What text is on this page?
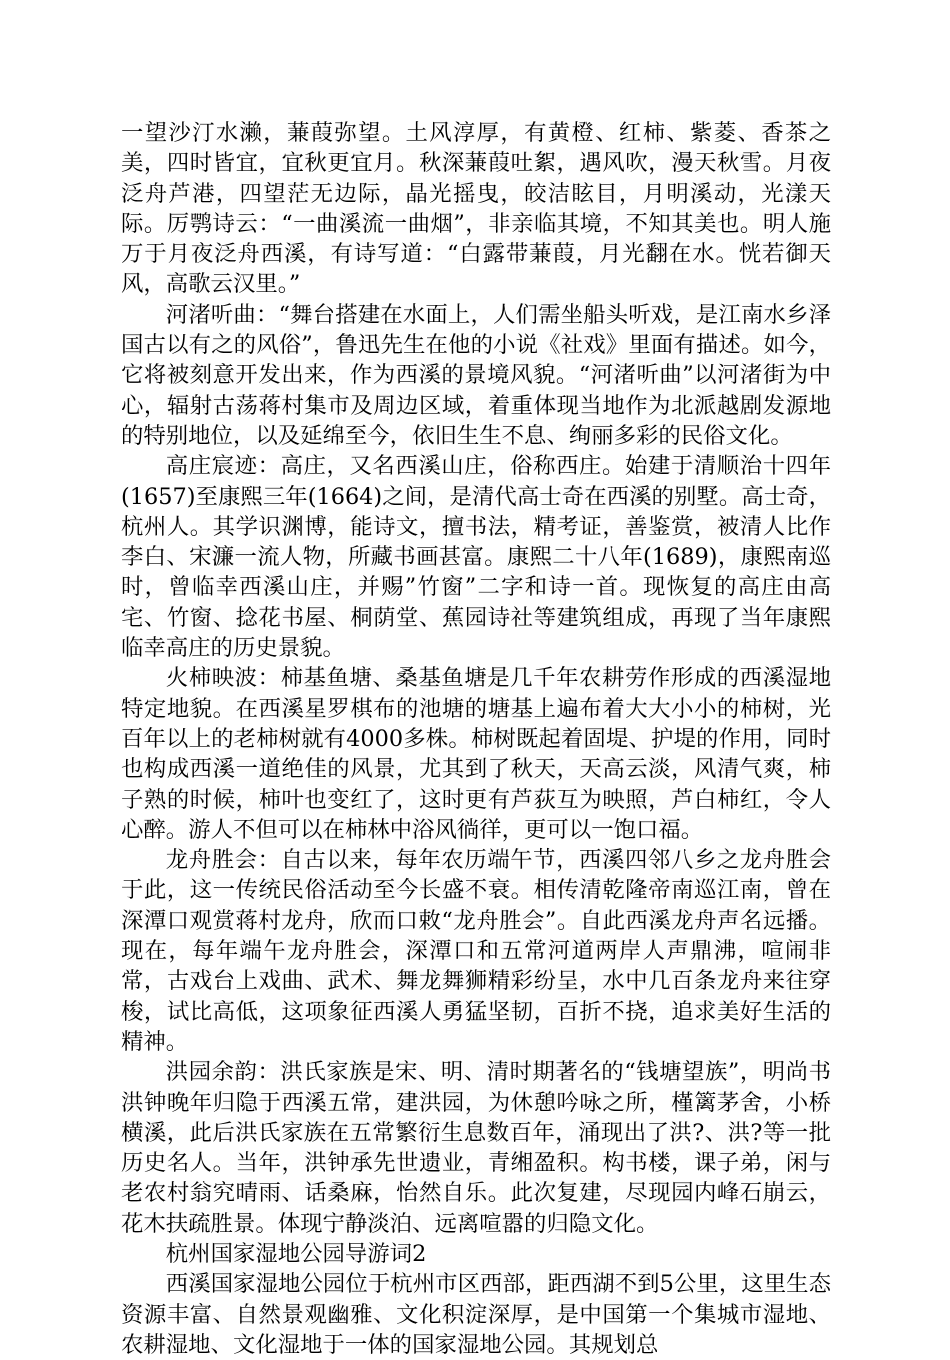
一望沙汀水濑，蒹葭弥望。土风淳厚，有黄橙、红柿、紫菱、香茶之美，四时皆宜，宜秋更宜月。秋深蒹葭吐絮，遇风吹，漫天秋雪。月夜泛舟芦港，四望茫无边际，晶光摇曳，皎洁眩目，月明溪动，光漾天际。厉鹗诗云：“一曲溪流一曲烟”，非亲临其境，不知其美也。明人施万于月夜泛舟西溪，有诗写道：“白露带蒹葭，月光翻在水。恍若御天风，高歌云汉里。”

河渚听曲：“舞台搭建在水面上，人们需坐船头听戏，是江南水乡泽国古以有之的风俗”，鲁迅先生在他的小说《社戏》里面有描述。如今，它将被刻意开发出来，作为西溪的景境风貌。“河渚听曲”以河渚街为中心，辐射古荡蒋村集市及周边区域，着重体现当地作为北派越剧发源地的特别地位，以及延绵至今，依旧生生不息、绚丽多彩的民俗文化。

高庄宸迹：高庄，又名西溪山庄，俗称西庄。始建于清顺治十四年(1657)至康熙三年(1664)之间，是清代高士奇在西溪的别墅。高士奇，杭州人。其学识渊博，能诗文，擅书法，精考证，善鉴赏，被清人比作李白、宋濂一流人物，所藏书画甚富。康熙二十八年(1689)，康熙南巡时，曾临幸西溪山庄，并赐”竹窗”二字和诗一首。现恢复的高庄由高宅、竹窗、捻花书屋、桐荫堂、蕉园诗社等建筑组成，再现了当年康熙临幸高庄的历史景貌。

火柿映波：柿基鱼塘、桑基鱼塘是几千年农耕劳作形成的西溪湿地特定地貌。在西溪星罗棋布的池塘的塘基上遍布着大大小小的柿树，光百年以上的老柿树就有4000多株。柿树既起着固堤、护堤的作用，同时也构成西溪一道绝佳的风景，尤其到了秋天，天高云淡，风清气爽，柿子熟的时候，柿叶也变红了，这时更有芦荻互为映照，芦白柿红，令人心醉。游人不但可以在柿林中浴风徜徉，更可以一饱口福。

龙舟胜会：自古以来，每年农历端午节，西溪四邻八乡之龙舟胜会于此，这一传统民俗活动至今长盛不衰。相传清乾隆帝南巡江南，曾在深潭口观赏蒋村龙舟，欣而口敕“龙舟胜会”。自此西溪龙舟声名远播。现在，每年端午龙舟胜会，深潭口和五常河道两岸人声鼎沸，喧闹非常，古戏台上戏曲、武术、舞龙舞狮精彩纷呈，水中几百条龙舟来往穿梭，试比高低，这项象征西溪人勇猛坚韧，百折不挠，追求美好生活的精神。

洪园余韵：洪氏家族是宋、明、清时期著名的“钱塘望族”，明尚书洪钟晚年归隐于西溪五常，建洪园，为休憩吟咏之所，槿篱茅舍，小桥横溪，此后洪氏家族在五常繁衍生息数百年，涌现出了洪?、洪?等一批历史名人。当年，洪钟承先世遗业，青缃盈积。构书楼，课子弟，闲与老农村翁究晴雨、话桑麻，怡然自乐。此次复建，尽现园内峰石崩云，花木扶疏胜景。体现宁静淡泊、远离喧嚣的归隐文化。

杭州国家湿地公园导游词2

西溪国家湿地公园位于杭州市区西部，距西湖不到5公里，这里生态资源丰富、自然景观幽雅、文化积淀深厚，是中国第一个集城市湿地、农耕湿地、文化湿地于一体的国家湿地公园。其规划总
